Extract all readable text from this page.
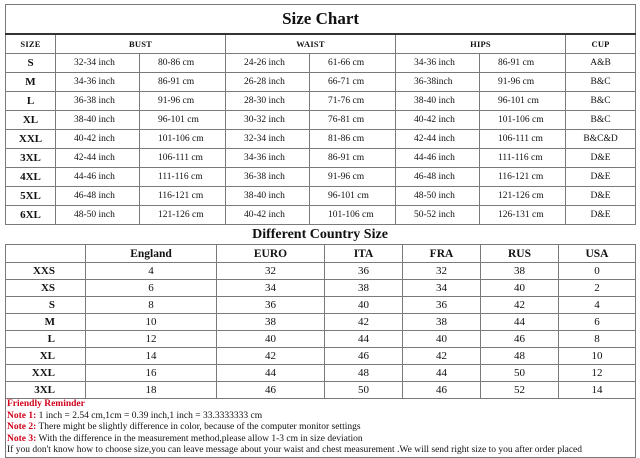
Size Chart							
SIZE	BUST		WAIST		HIPS		CUP
S	32-34 inch	80-86 cm	24-26 inch	61-66 cm	34-36 inch	86-91 cm	A&B
M	34-36 inch	86-91 cm	26-28 inch	66-71 cm	36-38inch	91-96 cm	B&C
L	36-38 inch	91-96 cm	28-30 inch	71-76 cm	38-40 inch	96-101 cm	B&C
XL	38-40 inch	96-101 cm	30-32 inch	76-81 cm	40-42 inch	101-106 cm	B&C
XXL	40-42 inch	101-106 cm	32-34 inch	81-86 cm	42-44 inch	106-111 cm	B&C&D
3XL	42-44 inch	106-111 cm	34-36 inch	86-91 cm	44-46 inch	111-116 cm	D&E
4XL	44-46 inch	111-116 cm	36-38 inch	91-96 cm	46-48 inch	116-121 cm	D&E
5XL	46-48 inch	116-121 cm	38-40 inch	96-101 cm	48-50 inch	121-126 cm	D&E
6XL	48-50 inch	121-126 cm	40-42 inch	101-106 cm	50-52 inch	126-131 cm	D&E
Different Country Size
	England	EURO	ITA	FRA	RUS	USA
XXS	4	32	36	32	38	0
XS	6	34	38	34	40	2
S	8	36	40	36	42	4
M	10	38	42	38	44	6
L	12	40	44	40	46	8
XL	14	42	46	42	48	10
XXL	16	44	48	44	50	12
3XL	18	46	50	46	52	14
Friendly Reminder
Note 1: 1 inch = 2.54 cm,1cm = 0.39 inch,1 inch = 33.3333333 cm
Note 2: There might be slightly difference in color, because of the computer monitor settings
Note 3: With the difference in the measurement method,please allow 1-3 cm in size deviation
If you don't know how to choose size,you can leave message about your waist and chest measurement .We will send right size to you after order placed
